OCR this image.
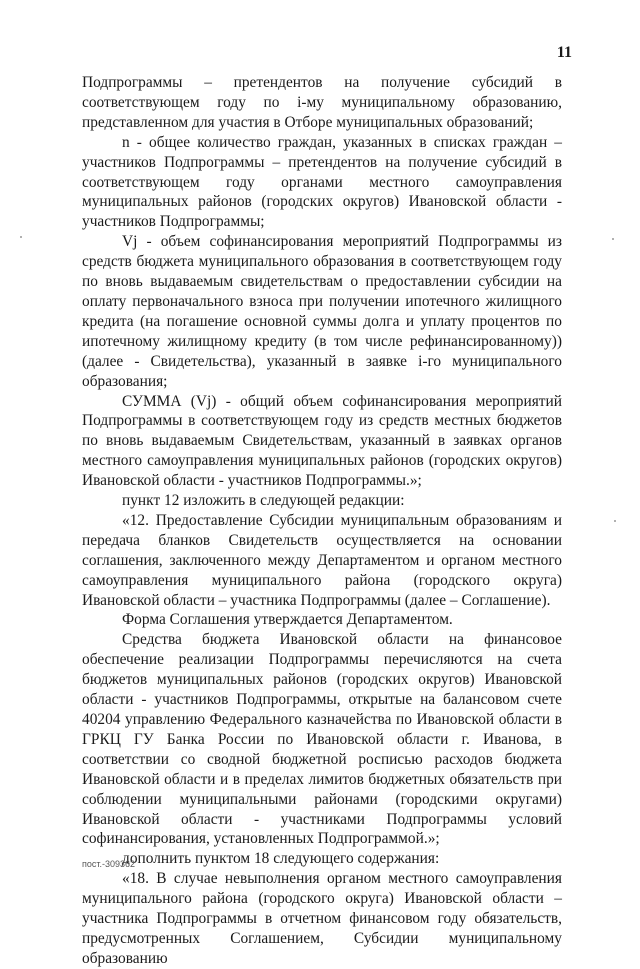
11

Подпрограммы – претендентов на получение субсидий в соответствующем году по i-му муниципальному образованию, представленном для участия в Отборе муниципальных образований;

n - общее количество граждан, указанных в списках граждан – участников Подпрограммы – претендентов на получение субсидий в соответствующем году органами местного самоуправления муниципальных районов (городских округов) Ивановской области - участников Подпрограммы;

Vj - объем софинансирования мероприятий Подпрограммы из средств бюджета муниципального образования в соответствующем году по вновь выдаваемым свидетельствам о предоставлении субсидии на оплату первоначального взноса при получении ипотечного жилищного кредита (на погашение основной суммы долга и уплату процентов по ипотечному жилищному кредиту (в том числе рефинансированному)) (далее - Свидетельства), указанный в заявке i-го муниципального образования;

СУММА (Vj) - общий объем софинансирования мероприятий Подпрограммы в соответствующем году из средств местных бюджетов по вновь выдаваемым Свидетельствам, указанный в заявках органов местного самоуправления муниципальных районов (городских округов) Ивановской области - участников Подпрограммы.»;

пункт 12 изложить в следующей редакции:

«12. Предоставление Субсидии муниципальным образованиям и передача бланков Свидетельств осуществляется на основании соглашения, заключенного между Департаментом и органом местного самоуправления муниципального района (городского округа) Ивановской области – участника Подпрограммы (далее – Соглашение).

Форма Соглашения утверждается Департаментом.

Средства бюджета Ивановской области на финансовое обеспечение реализации Подпрограммы перечисляются на счета бюджетов муниципальных районов (городских округов) Ивановской области - участников Подпрограммы, открытые на балансовом счете 40204 управлению Федерального казначейства по Ивановской области в ГРКЦ ГУ Банка России по Ивановской области г. Иванова, в соответствии со сводной бюджетной росписью расходов бюджета Ивановской области и в пределах лимитов бюджетных обязательств при соблюдении муниципальными районами (городскими округами) Ивановской области - участниками Подпрограммы условий софинансирования, установленных Подпрограммой.»;

дополнить пунктом 18 следующего содержания:

«18. В случае невыполнения органом местного самоуправления муниципального района (городского округа) Ивановской области – участника Подпрограммы в отчетном финансовом году обязательств, предусмотренных Соглашением, Субсидии муниципальному образованию

пост.-309362
